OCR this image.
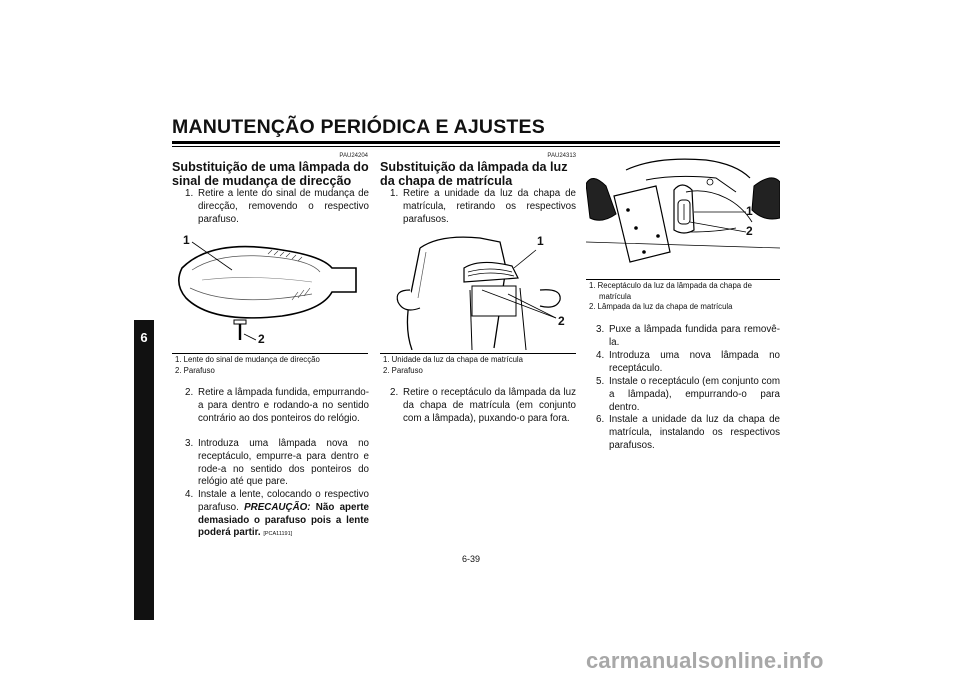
MANUTENÇÃO PERIÓDICA E AJUSTES
6
PAU24204
Substituição de uma lâmpada do
sinal de mudança de direcção
1. Retire a lente do sinal de mudança de direcção, removendo o respectivo parafuso.
1
2
1. Lente do sinal de mudança de direcção
2. Parafuso
2. Retire a lâmpada fundida, empurrando-a para dentro e rodando-a no sentido contrário ao dos ponteiros do relógio.
3. Introduza uma lâmpada nova no receptáculo, empurre-a para dentro e rode-a no sentido dos ponteiros do relógio até que pare.
4. Instale a lente, colocando o respectivo parafuso. PRECAUÇÃO: Não aperte demasiado o parafuso pois a lente poderá partir. [PCA11191]
PAU24313
Substituição da lâmpada da luz
da chapa de matrícula
1. Retire a unidade da luz da chapa de matrícula, retirando os respectivos parafusos.
1
2
1. Unidade da luz da chapa de matrícula
2. Parafuso
2. Retire o receptáculo da lâmpada da luz da chapa de matrícula (em conjunto com a lâmpada), puxando-o para fora.
1
2
1. Receptáculo da luz da lâmpada da chapa de matrícula
2. Lâmpada da luz da chapa de matrícula
3. Puxe a lâmpada fundida para removê-la.
4. Introduza uma nova lâmpada no receptáculo.
5. Instale o receptáculo (em conjunto com a lâmpada), empurrando-o para dentro.
6. Instale a unidade da luz da chapa de matrícula, instalando os respectivos parafusos.
6-39
carmanualsonline.info
